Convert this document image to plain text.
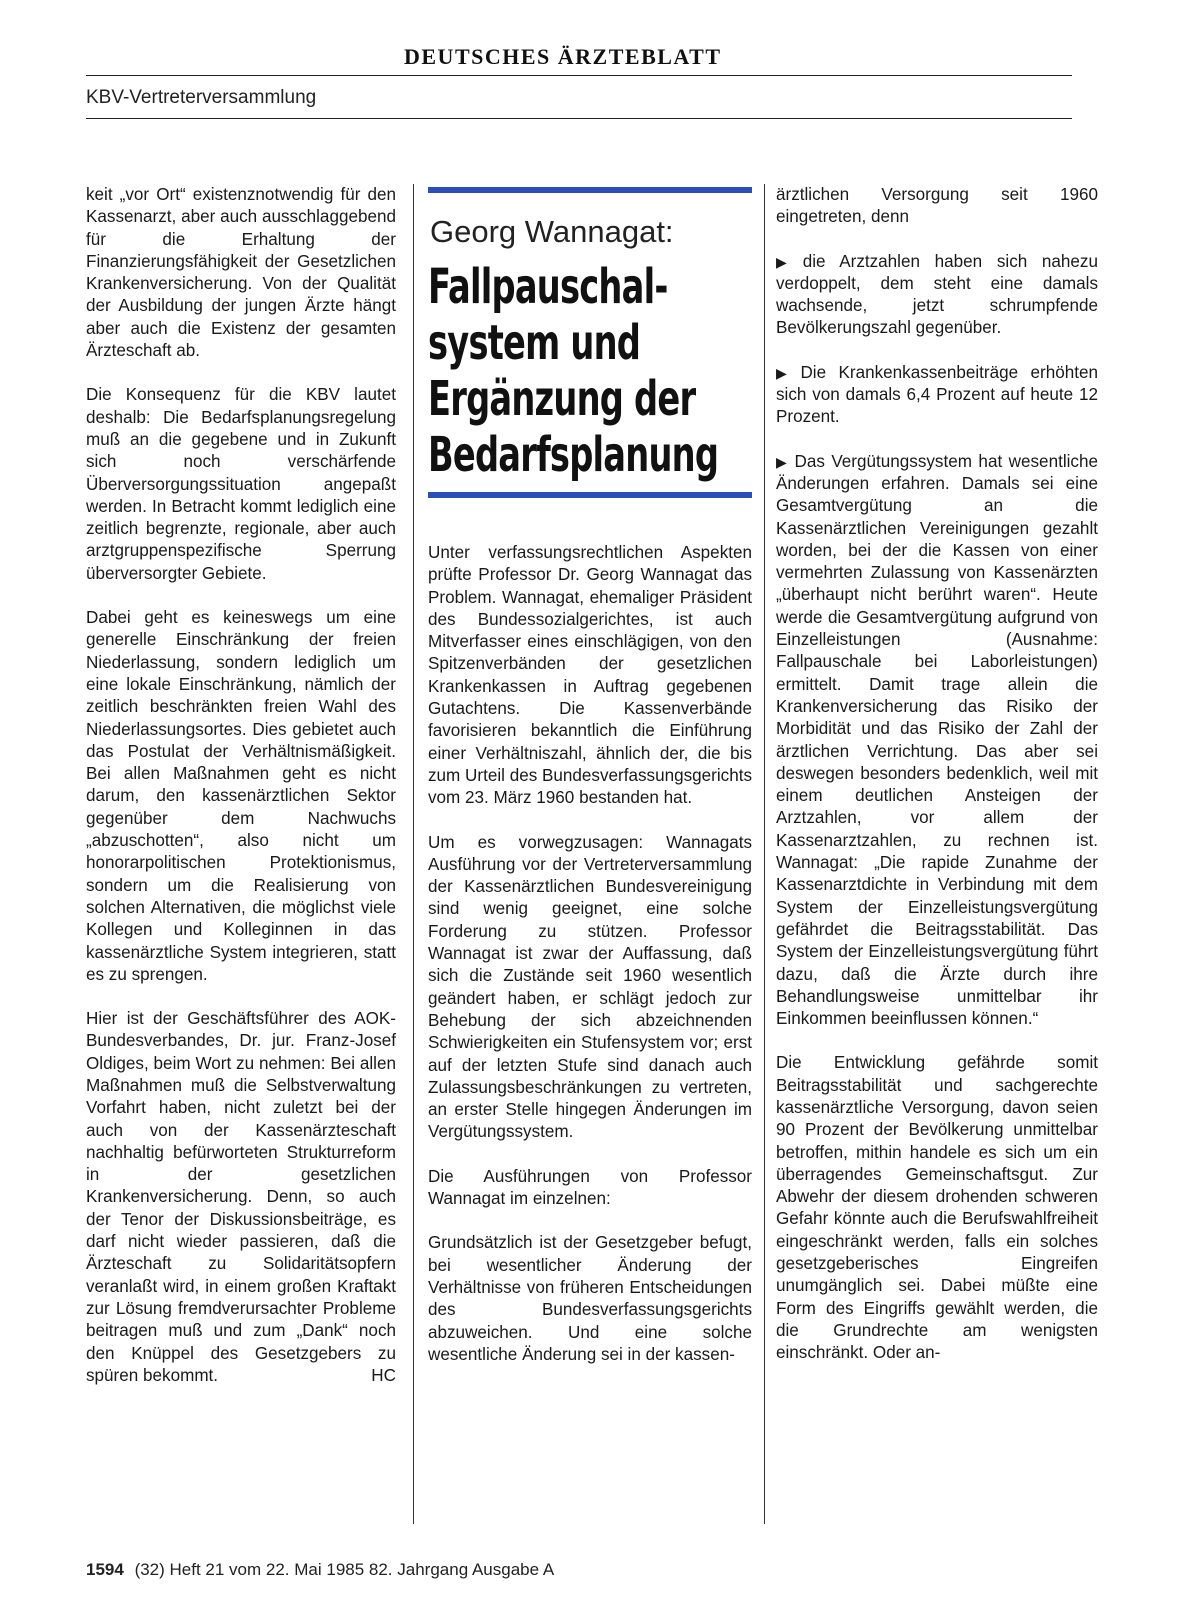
DEUTSCHES ÄRZTEBLATT
KBV-Vertreterversammlung

keit „vor Ort“ existenznotwendig für den Kassenarzt, aber auch ausschlaggebend für die Erhaltung der Finanzierungsfähigkeit der Gesetzlichen Krankenversicherung. Von der Qualität der Ausbildung der jungen Ärzte hängt aber auch die Existenz der gesamten Ärzteschaft ab.

Die Konsequenz für die KBV lautet deshalb: Die Bedarfsplanungsregelung muß an die gegebene und in Zukunft sich noch verschärfende Überversorgungssituation angepaßt werden. In Betracht kommt lediglich eine zeitlich begrenzte, regionale, aber auch arztgruppenspezifische Sperrung überversorgter Gebiete.

Dabei geht es keineswegs um eine generelle Einschränkung der freien Niederlassung, sondern lediglich um eine lokale Einschränkung, nämlich der zeitlich beschränkten freien Wahl des Niederlassungsortes. Dies gebietet auch das Postulat der Verhältnismäßigkeit. Bei allen Maßnahmen geht es nicht darum, den kassenärztlichen Sektor gegenüber dem Nachwuchs „abzuschotten“, also nicht um honorarpolitischen Protektionismus, sondern um die Realisierung von solchen Alternativen, die möglichst viele Kollegen und Kolleginnen in das kassenärztliche System integrieren, statt es zu sprengen.

Hier ist der Geschäftsführer des AOK-Bundesverbandes, Dr. jur. Franz-Josef Oldiges, beim Wort zu nehmen: Bei allen Maßnahmen muß die Selbstverwaltung Vorfahrt haben, nicht zuletzt bei der auch von der Kassenärzteschaft nachhaltig befürworteten Strukturreform in der gesetzlichen Krankenversicherung. Denn, so auch der Tenor der Diskussionsbeiträge, es darf nicht wieder passieren, daß die Ärzteschaft zu Solidaritätsopfern veranlaßt wird, in einem großen Kraftakt zur Lösung fremdverursachter Probleme beitragen muß und zum „Dank“ noch den Knüppel des Gesetzgebers zu spüren bekommt.	HC

Georg Wannagat:
Fallpauschal-
system und
Ergänzung der
Bedarfsplanung

Unter verfassungsrechtlichen Aspekten prüfte Professor Dr. Georg Wannagat das Problem. Wannagat, ehemaliger Präsident des Bundessozialgerichtes, ist auch Mitverfasser eines einschlägigen, von den Spitzenverbänden der gesetzlichen Krankenkassen in Auftrag gegebenen Gutachtens. Die Kassenverbände favorisieren bekanntlich die Einführung einer Verhältniszahl, ähnlich der, die bis zum Urteil des Bundesverfassungsgerichts vom 23. März 1960 bestanden hat.

Um es vorwegzusagen: Wannagats Ausführung vor der Vertreterversammlung der Kassenärztlichen Bundesvereinigung sind wenig geeignet, eine solche Forderung zu stützen. Professor Wannagat ist zwar der Auffassung, daß sich die Zustände seit 1960 wesentlich geändert haben, er schlägt jedoch zur Behebung der sich abzeichnenden Schwierigkeiten ein Stufensystem vor; erst auf der letzten Stufe sind danach auch Zulassungsbeschränkungen zu vertreten, an erster Stelle hingegen Änderungen im Vergütungssystem.

Die Ausführungen von Professor Wannagat im einzelnen:

Grundsätzlich ist der Gesetzgeber befugt, bei wesentlicher Änderung der Verhältnisse von früheren Entscheidungen des Bundesverfassungsgerichts abzuweichen. Und eine solche wesentliche Änderung sei in der kassen-

ärztlichen Versorgung seit 1960 eingetreten, denn

▶ die Arztzahlen haben sich nahezu verdoppelt, dem steht eine damals wachsende, jetzt schrumpfende Bevölkerungszahl gegenüber.

▶ Die Krankenkassenbeiträge erhöhten sich von damals 6,4 Prozent auf heute 12 Prozent.

▶ Das Vergütungssystem hat wesentliche Änderungen erfahren. Damals sei eine Gesamtvergütung an die Kassenärztlichen Vereinigungen gezahlt worden, bei der die Kassen von einer vermehrten Zulassung von Kassenärzten „überhaupt nicht berührt waren“. Heute werde die Gesamtvergütung aufgrund von Einzelleistungen (Ausnahme: Fallpauschale bei Laborleistungen) ermittelt. Damit trage allein die Krankenversicherung das Risiko der Morbidität und das Risiko der Zahl der ärztlichen Verrichtung. Das aber sei deswegen besonders bedenklich, weil mit einem deutlichen Ansteigen der Arztzahlen, vor allem der Kassenarztzahlen, zu rechnen ist. Wannagat: „Die rapide Zunahme der Kassenarztdichte in Verbindung mit dem System der Einzelleistungsvergütung gefährdet die Beitragsstabilität. Das System der Einzelleistungsvergütung führt dazu, daß die Ärzte durch ihre Behandlungsweise unmittelbar ihr Einkommen beeinflussen können.“

Die Entwicklung gefährde somit Beitragsstabilität und sachgerechte kassenärztliche Versorgung, davon seien 90 Prozent der Bevölkerung unmittelbar betroffen, mithin handele es sich um ein überragendes Gemeinschaftsgut. Zur Abwehr der diesem drohenden schweren Gefahr könnte auch die Berufswahlfreiheit eingeschränkt werden, falls ein solches gesetzgeberisches Eingreifen unumgänglich sei. Dabei müßte eine Form des Eingriffs gewählt werden, die die Grundrechte am wenigsten einschränkt. Oder an-

1594 (32) Heft 21 vom 22. Mai 1985 82. Jahrgang Ausgabe A
